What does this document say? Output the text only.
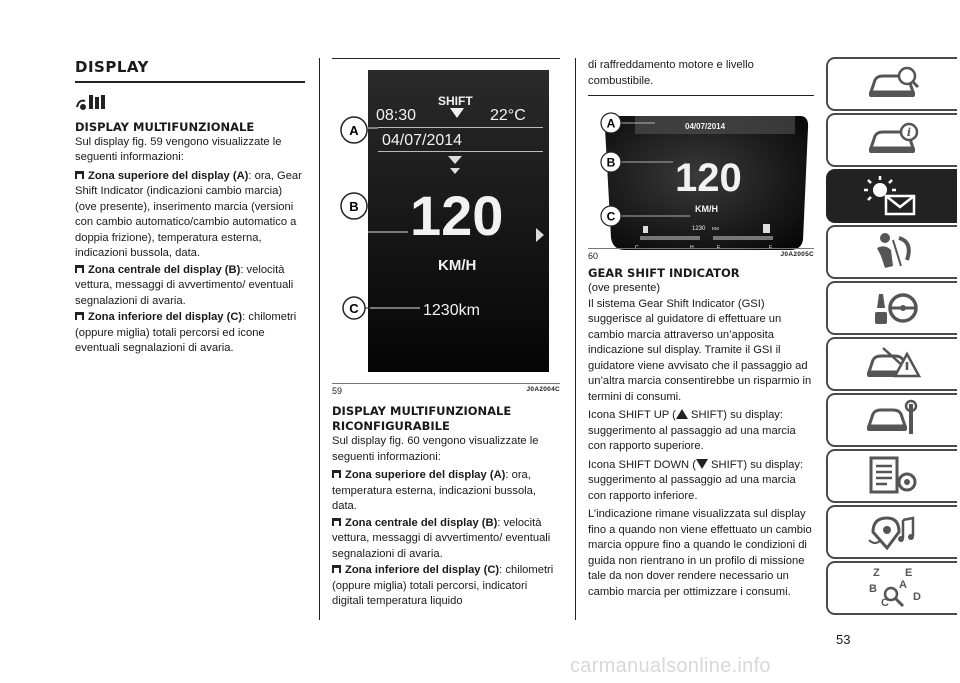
DISPLAY
DISPLAY MULTIFUNZIONALE
Sul display fig. 59 vengono visualizzate le seguenti informazioni:
Zona superiore del display (A): ora, Gear Shift Indicator (indicazioni cambio marcia) (ove presente), inserimento marcia (versioni con cambio automatico/cambio automatico a doppia frizione), temperatura esterna, indicazioni bussola, data.
Zona centrale del display (B): velocità vettura, messaggi di avvertimento/ eventuali segnalazioni di avaria.
Zona inferiore del display (C): chilometri (oppure miglia) totali percorsi ed icone eventuali segnalazioni di avaria.
08:30
SHIFT
22°C
04/07/2014
120
KM/H
1230km
A
B
C
59	J0A2004C
DISPLAY MULTIFUNZIONALE RICONFIGURABILE
Sul display fig. 60 vengono visualizzate le seguenti informazioni:
Zona superiore del display (A): ora, temperatura esterna, indicazioni bussola, data.
Zona centrale del display (B): velocità vettura, messaggi di avvertimento/ eventuali segnalazioni di avaria.
Zona inferiore del display (C): chilometri (oppure miglia) totali percorsi, indicatori digitali temperatura liquido
di raffreddamento motore e livello combustibile.
04/07/2014
120
KM/H
1230 KM
C	H	E	F
A
B
C
60	J0A2005C
GEAR SHIFT INDICATOR
(ove presente)
Il sistema Gear Shift Indicator (GSI) suggerisce al guidatore di effettuare un cambio marcia attraverso un’apposita indicazione sul display. Tramite il GSI il guidatore viene avvisato che il passaggio ad un’altra marcia consentirebbe un risparmio in termini di consumi.
Icona SHIFT UP ( SHIFT) su display: suggerimento al passaggio ad una marcia con rapporto superiore.
Icona SHIFT DOWN ( SHIFT) su display: suggerimento al passaggio ad una marcia con rapporto inferiore.
L’indicazione rimane visualizzata sul display fino a quando non viene effettuato un cambio marcia oppure fino a quando le condizioni di guida non rientrano in un profilo di missione tale da non dover rendere necessario un cambio marcia per ottimizzare i consumi.
i
Z E
B A
C D
53
carmanualsonline.info
